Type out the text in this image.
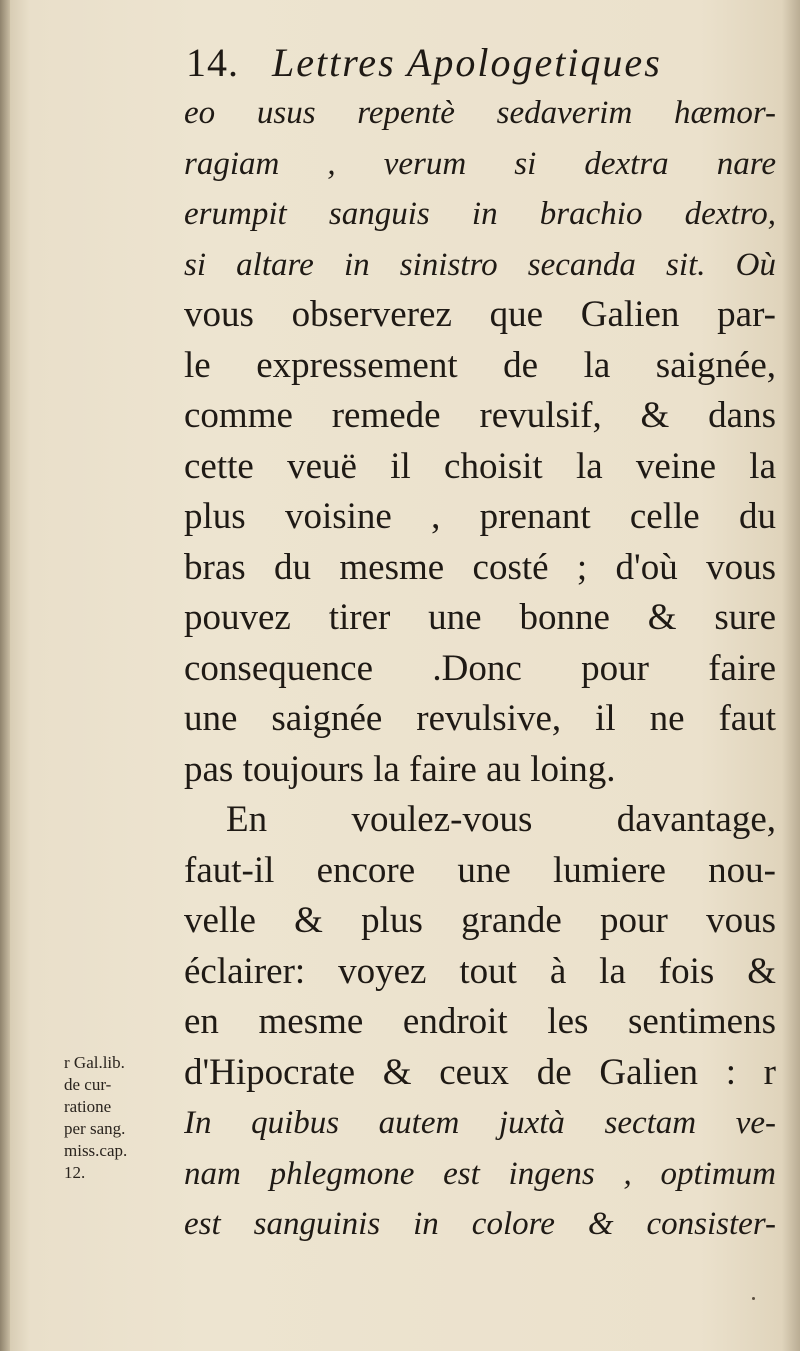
14. Lettres Apologetiques
eo usus repentè sedaverim hæmor-
ragiam , verum si dextra nare
erumpit sanguis in brachio dextro,
si altare in sinistro secanda sit. Où
vous observerez que Galien par-
le expressement de la saignée,
comme remede revulsif, & dans
cette veuë il choisit la veine la
plus voisine , prenant celle du
bras du mesme costé ; d'où vous
pouvez tirer une bonne & sure
consequence .Donc pour faire
une saignée revulsive, il ne faut
pas toujours la faire au loing.
En voulez-vous davantage,
faut-il encore une lumiere nou-
velle & plus grande pour vous
éclairer: voyez tout à la fois &
en mesme endroit les sentimens
d'Hipocrate & ceux de Galien : r
In quibus autem juxtà sectam ve-
nam phlegmone est ingens , optimum
est sanguinis in colore & consister-
r Gal.lib.
de cur-
ratione
per sang.
miss.cap.
12.
